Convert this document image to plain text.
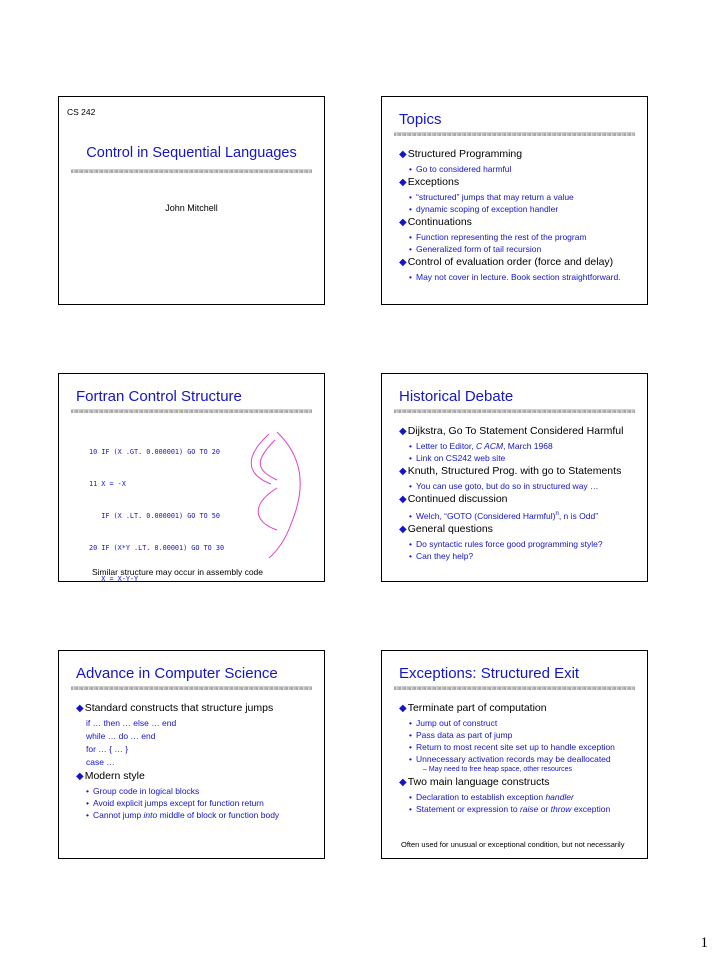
CS 242
Control in Sequential Languages
John Mitchell
Topics
◆Structured Programming
• Go to considered harmful
◆Exceptions
• “structured” jumps that may return a value
• dynamic scoping of exception handler
◆Continuations
• Function representing the rest of the program
• Generalized form of tail recursion
◆Control of evaluation order (force and delay)
• May not cover in lecture. Book section straightforward.
Fortran Control Structure

10 IF (X .GT. 0.000001) GO TO 20

11 X = -X

IF (X .LT. 0.000001) GO TO 50

20 IF (X*Y .LT. 0.00001) GO TO 30

X = X-Y-Y

Similar structure may occur in assembly code
Historical Debate
◆Dijkstra, Go To Statement Considered Harmful
• Letter to Editor, C ACM, March 1968
• Link on CS242 web site
◆Knuth, Structured Prog. with go to Statements
• You can use goto, but do so in structured way …
◆Continued discussion
• Welch, “GOTO (Considered Harmful)$^n$, n is Odd”
◆General questions
• Do syntactic rules force good programming style?
• Can they help?
Advance in Computer Science
◆Standard constructs that structure jumps
if … then … else … end
while … do … end
for … { … }
case …
◆Modern style
• Group code in logical blocks
• Avoid explicit jumps except for function return
• Cannot jump into middle of block or function body
Exceptions: Structured Exit
◆Terminate part of computation
• Jump out of construct
• Pass data as part of jump
• Return to most recent site set up to handle exception
• Unnecessary activation records may be deallocated
– May need to free heap space, other resources
◆Two main language constructs
• Declaration to establish exception handler
• Statement or expression to raise or throw exception
Often used for unusual or exceptional condition, but not necessarily
1
